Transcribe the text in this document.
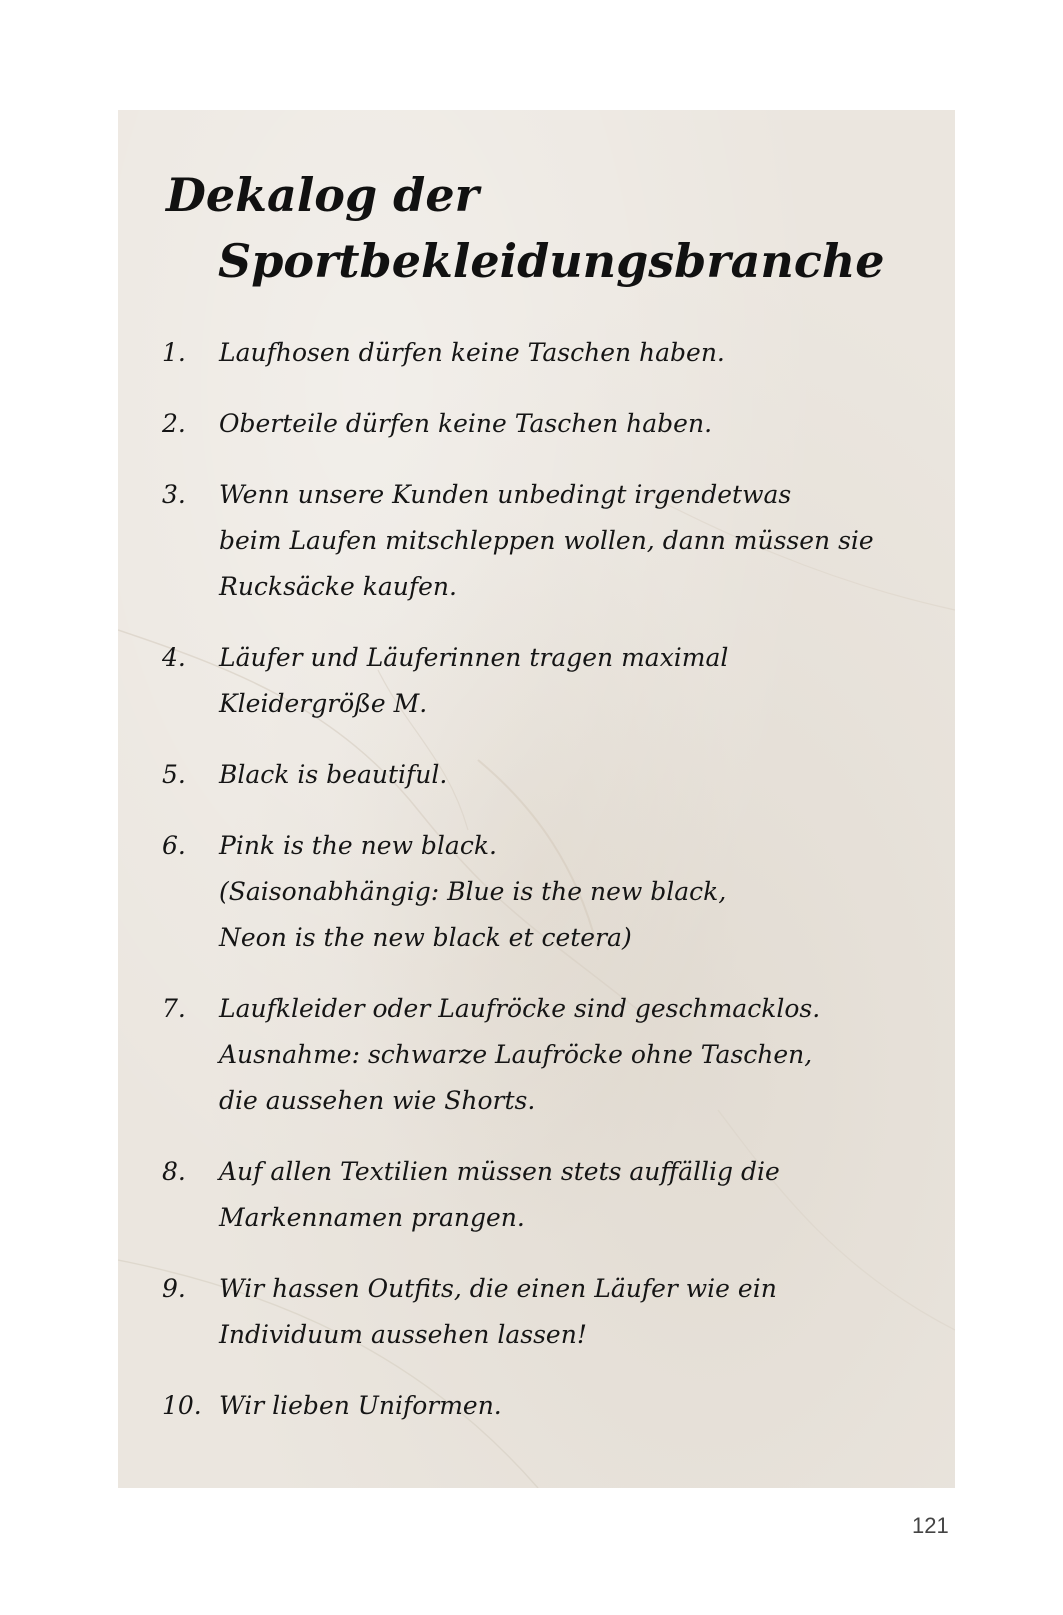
Dekalog der
Sportbekleidungsbranche
1. Laufhosen dürfen keine Taschen haben.
2. Oberteile dürfen keine Taschen haben.
3. Wenn unsere Kunden unbedingt irgendetwas
beim Laufen mitschleppen wollen, dann müssen sie
Rucksäcke kaufen.
4. Läufer und Läuferinnen tragen maximal
Kleidergröße M.
5. Black is beautiful.
6. Pink is the new black.
(Saisonabhängig: Blue is the new black,
Neon is the new black et cetera)
7. Laufkleider oder Laufröcke sind geschmacklos.
Ausnahme: schwarze Laufröcke ohne Taschen,
die aussehen wie Shorts.
8. Auf allen Textilien müssen stets auffällig die
Markennamen prangen.
9. Wir hassen Outfits, die einen Läufer wie ein
Individuum aussehen lassen!
10. Wir lieben Uniformen.
121
